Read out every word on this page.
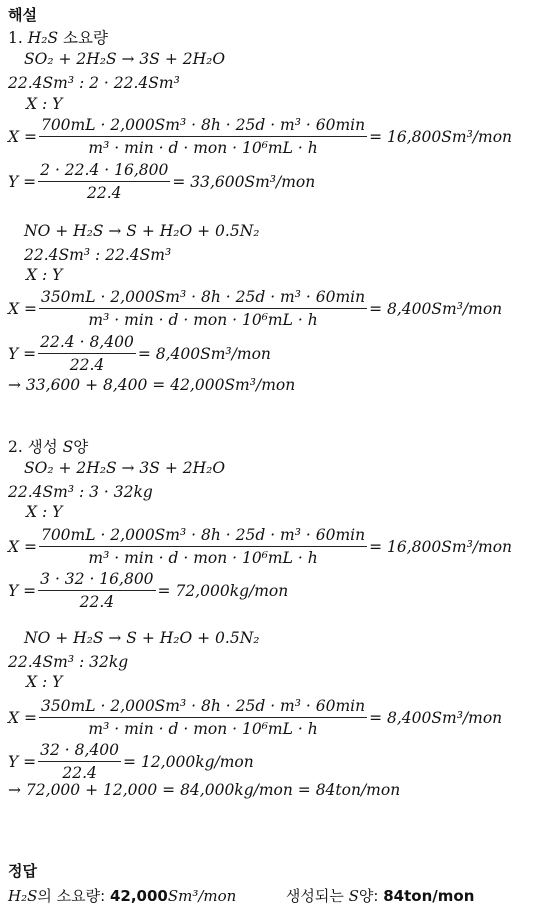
해설
1. H₂S 소요량
SO₂ + 2H₂S → 3S + 2H₂O
22.4Sm³ : 2 · 22.4Sm³
X : Y
$X = \frac{\text{700mL · 2,000Sm³ · 8h · 25d · m³ · 60min}}{\text{m³ · min · d · mon · 10⁶mL · h}} = 16,800Sm^3/mon$
$Y = \frac{2 \cdot 22.4 \cdot 16,800}{22.4} = 33,600Sm^3/mon$
NO + H₂S → S + H₂O + 0.5N₂
22.4Sm³ : 22.4Sm³
X : Y
$X = \frac{\text{350mL · 2,000Sm³ · 8h · 25d · m³ · 60min}}{\text{m³ · min · d · mon · 10⁶mL · h}} = 8,400Sm^3/mon$
$Y = \frac{22.4 \cdot 8,400}{22.4} = 8,400Sm^3/mon$
→ 33,600 + 8,400 = 42,000Sm³/mon
2. 생성 S양
SO₂ + 2H₂S → 3S + 2H₂O
22.4Sm³ : 3 · 32kg
X : Y
$X = \frac{\text{700mL · 2,000Sm³ · 8h · 25d · m³ · 60min}}{\text{m³ · min · d · mon · 10⁶mL · h}} = 16,800Sm^3/mon$
$Y = \frac{3 \cdot 32 \cdot 16,800}{22.4} = 72,000kg/mon$
NO + H₂S → S + H₂O + 0.5N₂
22.4Sm³ : 32kg
X : Y
$X = \frac{\text{350mL · 2,000Sm³ · 8h · 25d · m³ · 60min}}{\text{m³ · min · d · mon · 10⁶mL · h}} = 8,400Sm^3/mon$
$Y = \frac{32 \cdot 8,400}{22.4} = 12,000kg/mon$
→ 72,000 + 12,000 = 84,000kg/mon = 84ton/mon
정답
H₂S의 소요량: 42,000Sm³/mon	생성되는 S양: 84ton/mon
